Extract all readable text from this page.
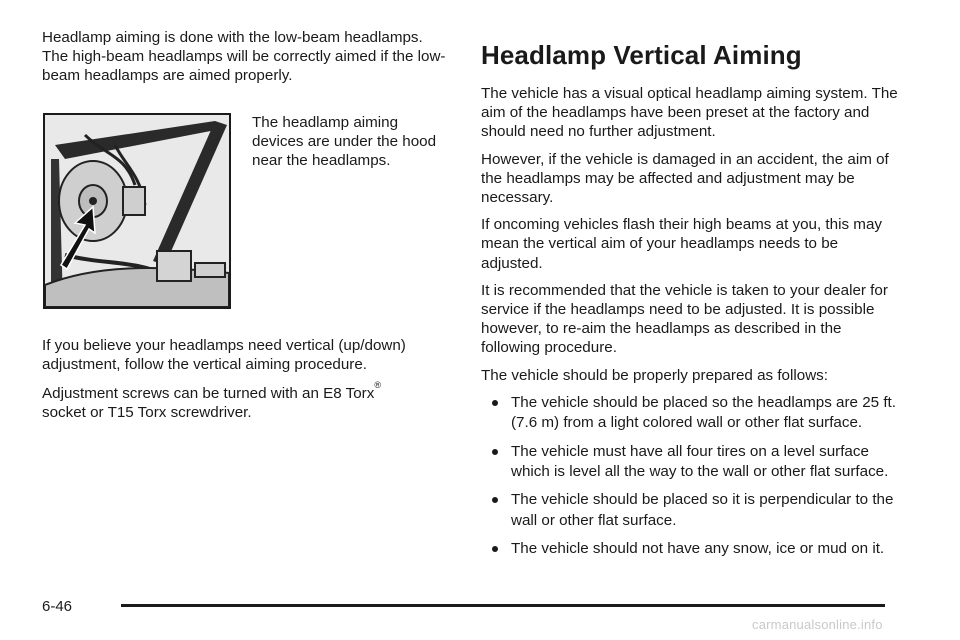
Headlamp aiming is done with the low-beam headlamps. The high-beam headlamps will be correctly aimed if the low-beam headlamps are aimed properly.

The headlamp aiming devices are under the hood near the headlamps.

If you believe your headlamps need vertical (up/down) adjustment, follow the vertical aiming procedure.

Adjustment screws can be turned with an E8 Torx®
socket or T15 Torx screwdriver.

Headlamp Vertical Aiming

The vehicle has a visual optical headlamp aiming system. The aim of the headlamps have been preset at the factory and should need no further adjustment.

However, if the vehicle is damaged in an accident, the aim of the headlamps may be affected and adjustment may be necessary.

If oncoming vehicles flash their high beams at you, this may mean the vertical aim of your headlamps needs to be adjusted.

It is recommended that the vehicle is taken to your dealer for service if the headlamps need to be adjusted. It is possible however, to re-aim the headlamps as described in the following procedure.

The vehicle should be properly prepared as follows:

The vehicle should be placed so the headlamps are 25 ft. (7.6 m) from a light colored wall or other flat surface.
The vehicle must have all four tires on a level surface which is level all the way to the wall or other flat surface.
The vehicle should be placed so it is perpendicular to the wall or other flat surface.
The vehicle should not have any snow, ice or mud on it.
6-46
carmanualsonline.info
